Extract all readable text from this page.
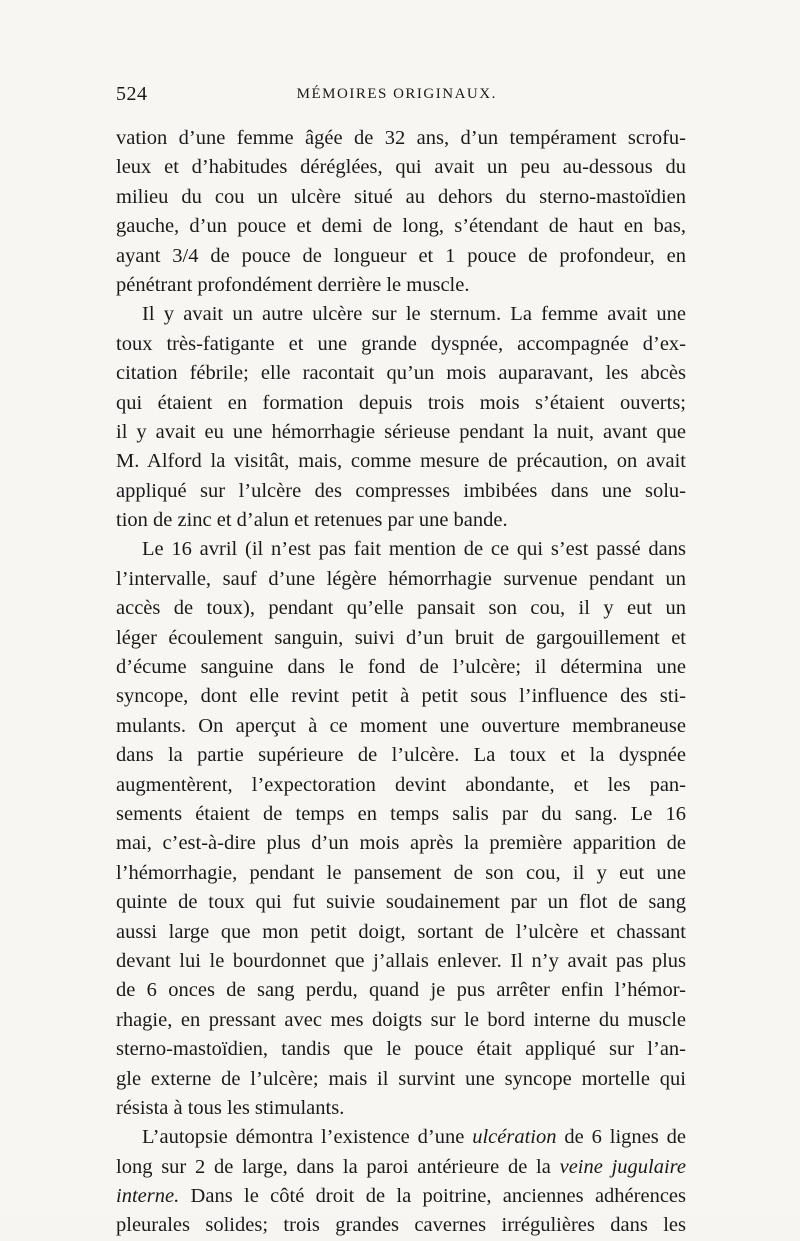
524	MÉMOIRES ORIGINAUX.
vation d’une femme âgée de 32 ans, d’un tempérament scrofu-
leux et d’habitudes déréglées, qui avait un peu au-dessous du
milieu du cou un ulcère situé au dehors du sterno-mastoïdien
gauche, d’un pouce et demi de long, s’étendant de haut en bas,
ayant 3/4 de pouce de longueur et 1 pouce de profondeur, en
pénétrant profondément derrière le muscle.
Il y avait un autre ulcère sur le sternum. La femme avait une
toux très-fatigante et une grande dyspnée, accompagnée d’ex-
citation fébrile; elle racontait qu’un mois auparavant, les abcès
qui étaient en formation depuis trois mois s’étaient ouverts;
il y avait eu une hémorrhagie sérieuse pendant la nuit, avant que
M. Alford la visitât, mais, comme mesure de précaution, on avait
appliqué sur l’ulcère des compresses imbibées dans une solu-
tion de zinc et d’alun et retenues par une bande.
Le 16 avril (il n’est pas fait mention de ce qui s’est passé dans
l’intervalle, sauf d’une légère hémorrhagie survenue pendant un
accès de toux), pendant qu’elle pansait son cou, il y eut un
léger écoulement sanguin, suivi d’un bruit de gargouillement et
d’écume sanguine dans le fond de l’ulcère; il détermina une
syncope, dont elle revint petit à petit sous l’influence des sti-
mulants. On aperçut à ce moment une ouverture membraneuse
dans la partie supérieure de l’ulcère. La toux et la dyspnée
augmentèrent, l’expectoration devint abondante, et les pan-
sements étaient de temps en temps salis par du sang. Le 16
mai, c’est-à-dire plus d’un mois après la première apparition de
l’hémorrhagie, pendant le pansement de son cou, il y eut une
quinte de toux qui fut suivie soudainement par un flot de sang
aussi large que mon petit doigt, sortant de l’ulcère et chassant
devant lui le bourdonnet que j’allais enlever. Il n’y avait pas plus
de 6 onces de sang perdu, quand je pus arrêter enfin l’hémor-
rhagie, en pressant avec mes doigts sur le bord interne du muscle
sterno-mastoïdien, tandis que le pouce était appliqué sur l’an-
gle externe de l’ulcère; mais il survint une syncope mortelle qui
résista à tous les stimulants.
L’autopsie démontra l’existence d’une ulcération de 6 lignes de
long sur 2 de large, dans la paroi antérieure de la veine jugulaire
interne. Dans le côté droit de la poitrine, anciennes adhérences
pleurales solides; trois grandes cavernes irrégulières dans les
